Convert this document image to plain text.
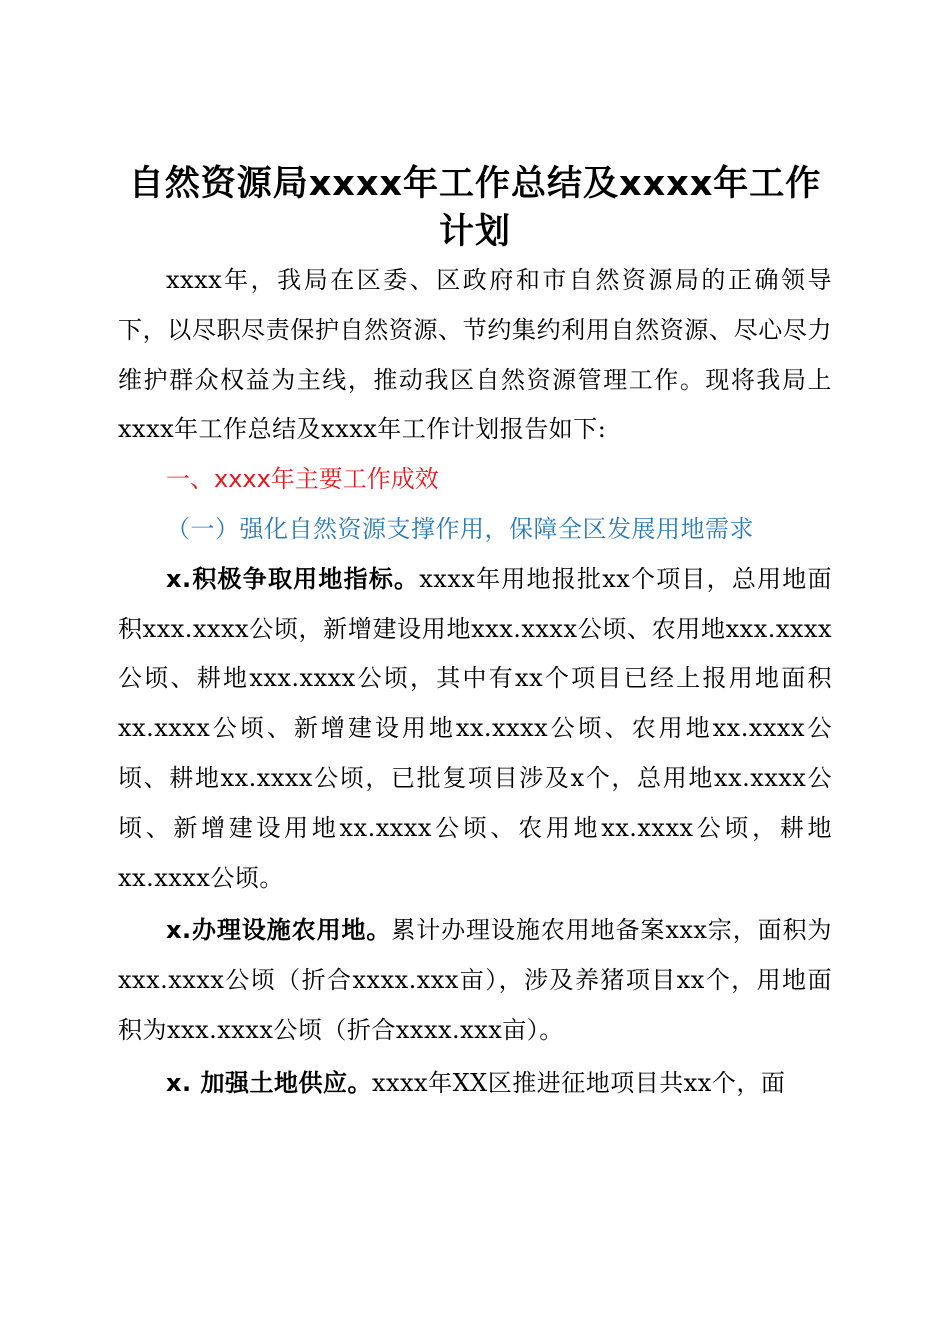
自然资源局xxxx年工作总结及xxxx年工作计划

xxxx年，我局在区委、区政府和市自然资源局的正确领导下，以尽职尽责保护自然资源、节约集约利用自然资源、尽心尽力维护群众权益为主线，推动我区自然资源管理工作。现将我局上xxxx年工作总结及xxxx年工作计划报告如下:

一、xxxx年主要工作成效

（一）强化自然资源支撑作用，保障全区发展用地需求

x.积极争取用地指标。xxxx年用地报批xx个项目，总用地面积xxx.xxxx公顷，新增建设用地xxx.xxxx公顷、农用地xxx.xxxx公顷、耕地xxx.xxxx公顷，其中有xx个项目已经上报用地面积xx.xxxx公顷、新增建设用地xx.xxxx公顷、农用地xx.xxxx公顷、耕地xx.xxxx公顷，已批复项目涉及x个，总用地xx.xxxx公顷、新增建设用地xx.xxxx公顷、农用地xx.xxxx公顷，耕地xx.xxxx公顷。

x.办理设施农用地。累计办理设施农用地备案xxx宗，面积为xxx.xxxx公顷（折合xxxx.xxx亩），涉及养猪项目xx个，用地面积为xxx.xxxx公顷（折合xxxx.xxx亩）。

x. 加强土地供应。xxxx年XX区推进征地项目共xx个，面
